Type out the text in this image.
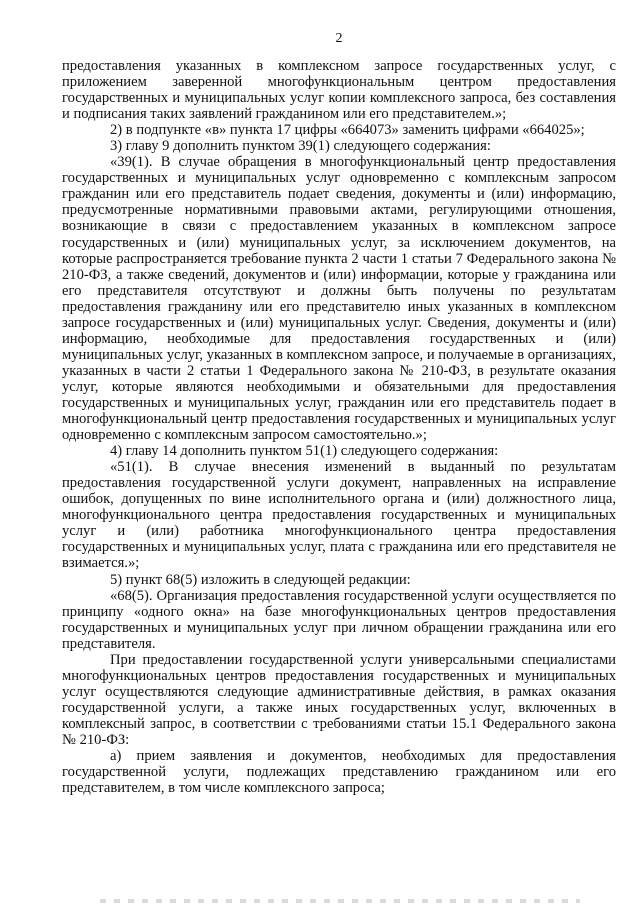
2

предоставления указанных в комплексном запросе государственных услуг, с приложением заверенной многофункциональным центром предоставления государственных и муниципальных услуг копии комплексного запроса, без составления и подписания таких заявлений гражданином или его представителем.»;

2) в подпункте «в» пункта 17 цифры «664073» заменить цифрами «664025»;

3) главу 9 дополнить пунктом 39(1) следующего содержания:

«39(1). В случае обращения в многофункциональный центр предоставления государственных и муниципальных услуг одновременно с комплексным запросом гражданин или его представитель подает сведения, документы и (или) информацию, предусмотренные нормативными правовыми актами, регулирующими отношения, возникающие в связи с предоставлением указанных в комплексном запросе государственных и (или) муниципальных услуг, за исключением документов, на которые распространяется требование пункта 2 части 1 статьи 7 Федерального закона № 210-ФЗ, а также сведений, документов и (или) информации, которые у гражданина или его представителя отсутствуют и должны быть получены по результатам предоставления гражданину или его представителю иных указанных в комплексном запросе государственных и (или) муниципальных услуг. Сведения, документы и (или) информацию, необходимые для предоставления государственных и (или) муниципальных услуг, указанных в комплексном запросе, и получаемые в организациях, указанных в части 2 статьи 1 Федерального закона № 210-ФЗ, в результате оказания услуг, которые являются необходимыми и обязательными для предоставления государственных и муниципальных услуг, гражданин или его представитель подает в многофункциональный центр предоставления государственных и муниципальных услуг одновременно с комплексным запросом самостоятельно.»;

4) главу 14 дополнить пунктом 51(1) следующего содержания:

«51(1). В случае внесения изменений в выданный по результатам предоставления государственной услуги документ, направленных на исправление ошибок, допущенных по вине исполнительного органа и (или) должностного лица, многофункционального центра предоставления государственных и муниципальных услуг и (или) работника многофункционального центра предоставления государственных и муниципальных услуг, плата с гражданина или его представителя не взимается.»;

5) пункт 68(5) изложить в следующей редакции:

«68(5). Организация предоставления государственной услуги осуществляется по принципу «одного окна» на базе многофункциональных центров предоставления государственных и муниципальных услуг при личном обращении гражданина или его представителя.

При предоставлении государственной услуги универсальными специалистами многофункциональных центров предоставления государственных и муниципальных услуг осуществляются следующие административные действия, в рамках оказания государственной услуги, а также иных государственных услуг, включенных в комплексный запрос, в соответствии с требованиями статьи 15.1 Федерального закона № 210-ФЗ:

а) прием заявления и документов, необходимых для предоставления государственной услуги, подлежащих представлению гражданином или его представителем, в том числе комплексного запроса;
